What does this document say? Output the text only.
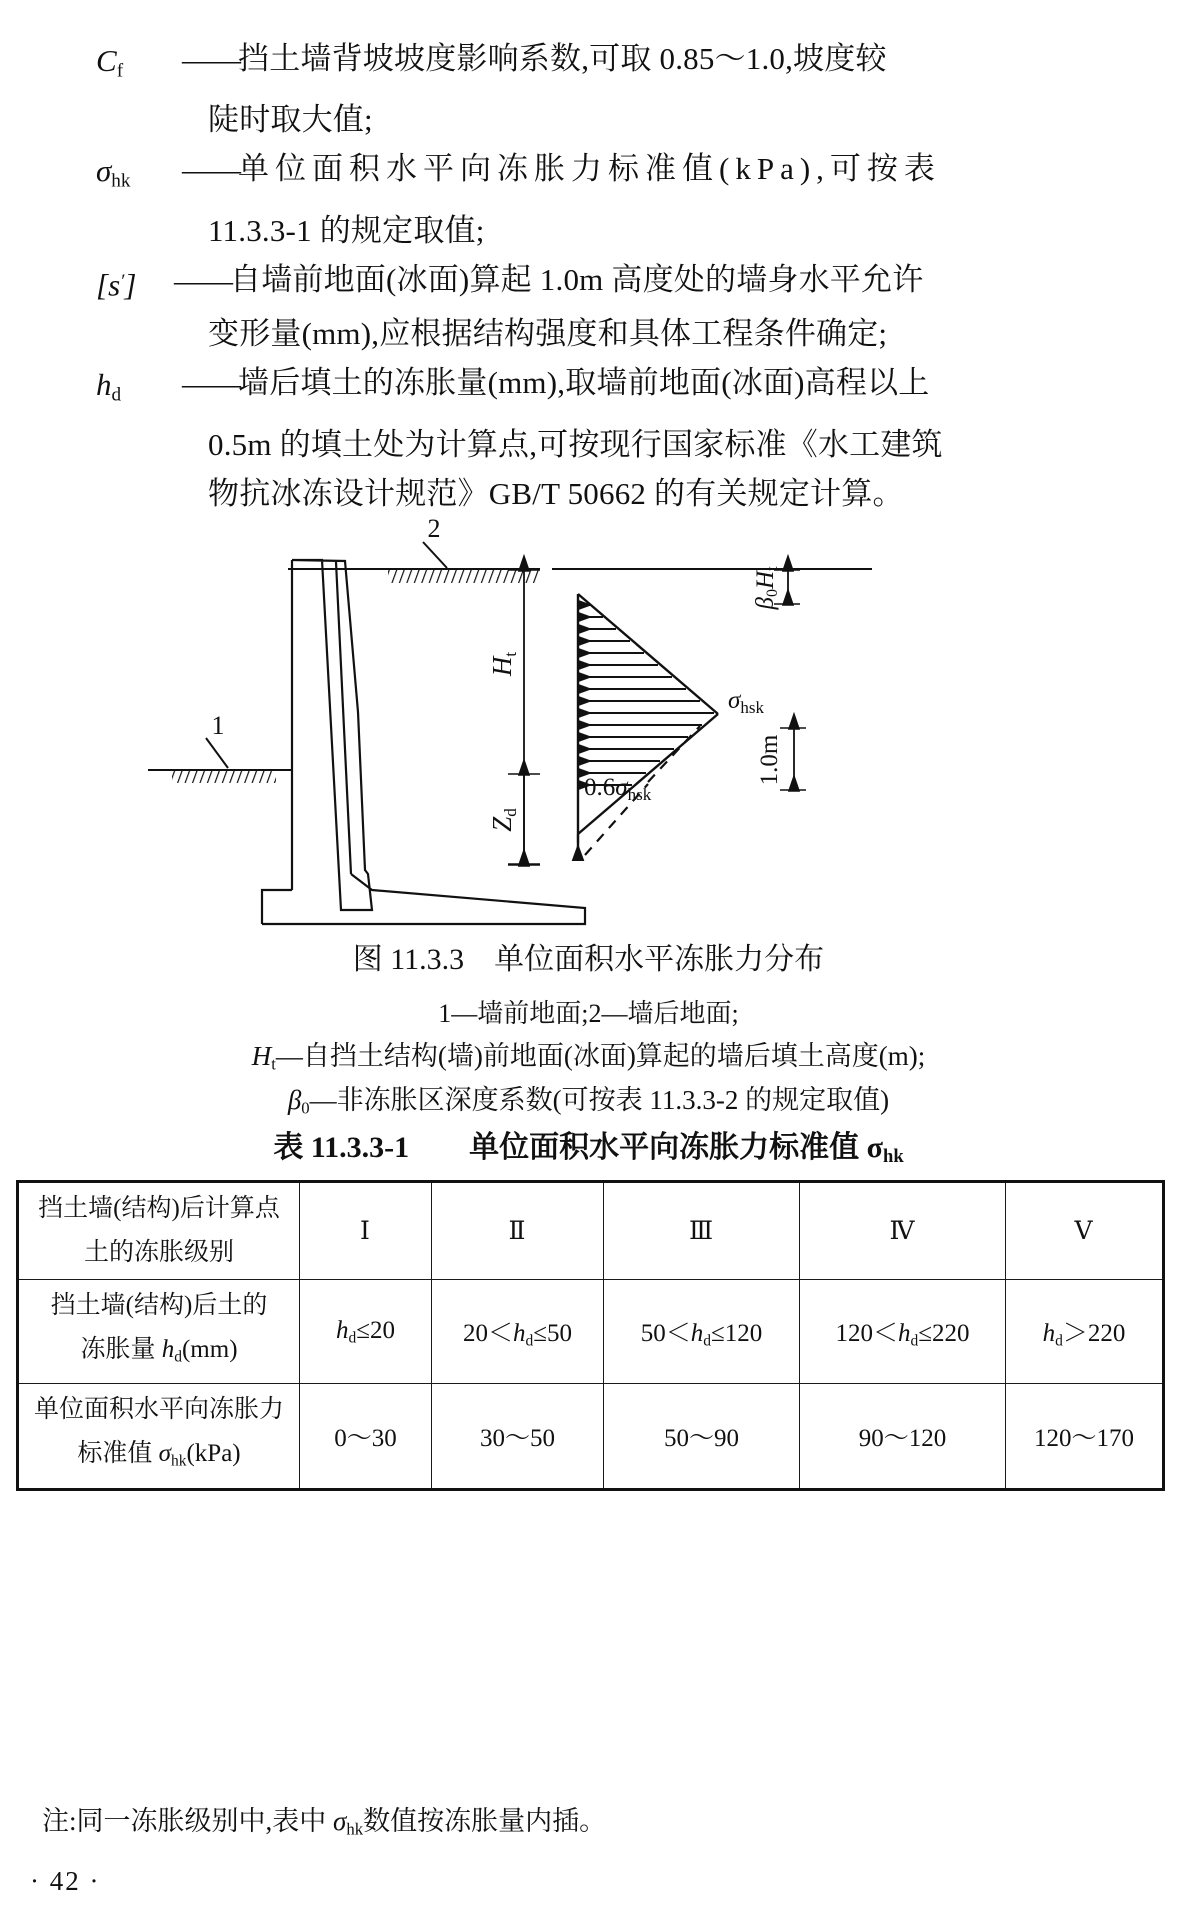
$C_f$	—— 挡土墙背坡坡度影响系数,可取 0.85～1.0,坡度较
陡时取大值;
$\sigma_{hk}$	—— 单位面积水平向冻胀力标准值(kPa),可按表
11.3.3-1 的规定取值;
[s′]	—— 自墙前地面(冰面)算起 1.0m 高度处的墙身水平允许
变形量(mm),应根据结构强度和具体工程条件确定;
$h_d$	—— 墙后填土的冻胀量(mm),取墙前地面(冰面)高程以上
0.5m 的填土处为计算点,可按现行国家标准《水工建筑
物抗冰冻设计规范》GB/T 50662 的有关规定计算。
2
1
Ht
Zd
β0Ht
$\sigma_{hsk}$
1.0m
$0.6\sigma_{hsk}$
图 11.3.3　单位面积水平冻胀力分布
1—墙前地面;2—墙后地面;
$H_t—$自挡土结构(墙)前地面(冰面)算起的墙后填土高度(m);
$\beta_0—$非冻胀区深度系数(可按表 11.3.3-2 的规定取值)
表 11.3.3-1　　 单位面积水平向冻胀力标准值 $\sigma_{hk}$
挡土墙(结构)后计算点
土的冻胀级别	Ⅰ	Ⅱ	Ⅲ	Ⅳ	Ⅴ

挡土墙(结构)后土的
冻胀量 $h_d(mm)$	$h_d\le 20$	$20<h_d\le 50$	$50<h_d\le 120$	$120<h_d\le 220$	$h_d>220$

单位面积水平向冻胀力
标准值 $\sigma_{hk}(kPa)$	0～30	30～50	50～90	90～120	120～170
注:同一冻胀级别中,表中 $\sigma_{hk}$数值按冻胀量内插。
· 42 ·
